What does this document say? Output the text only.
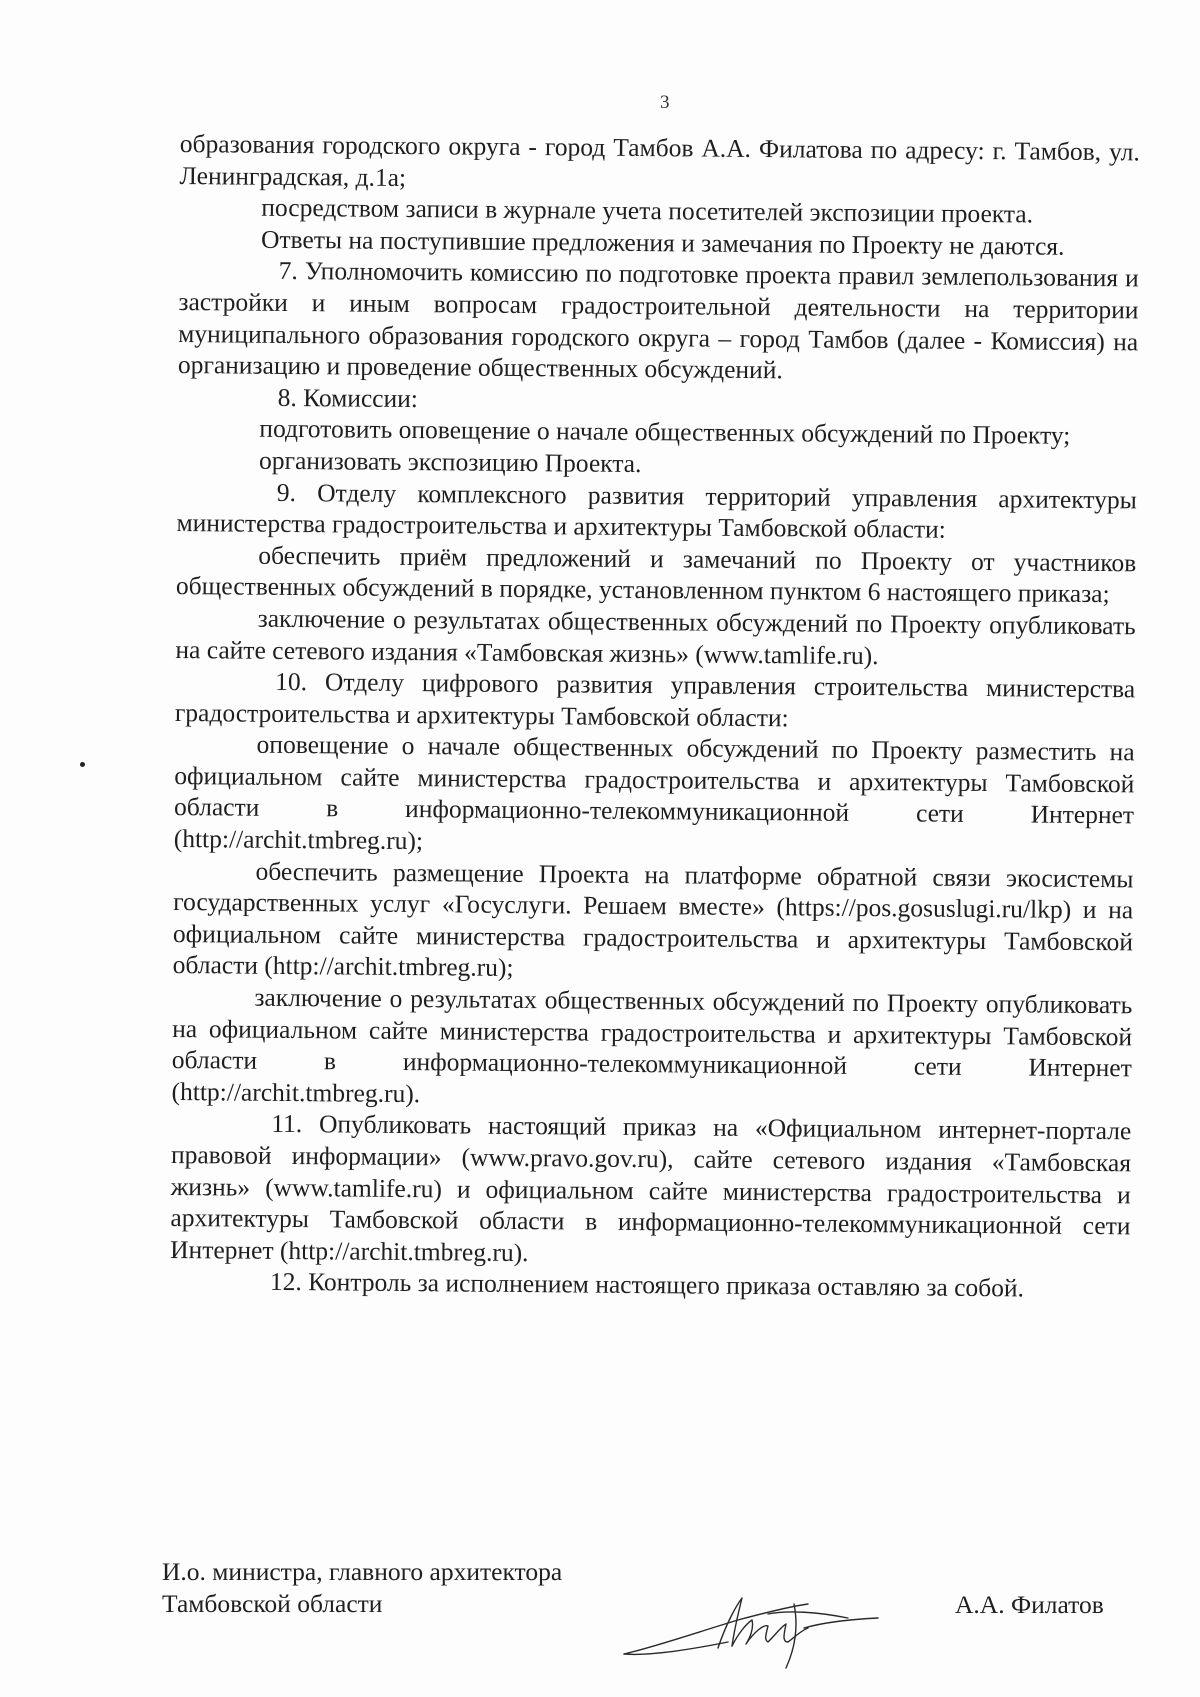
3

образования городского округа - город Тамбов А.А. Филатова по адресу: г. Тамбов, ул. Ленинградская, д.1а;

посредством записи в журнале учета посетителей экспозиции проекта.

Ответы на поступившие предложения и замечания по Проекту не даются.

7. Уполномочить комиссию по подготовке проекта правил землепользования и застройки и иным вопросам градостроительной деятельности на территории муниципального образования городского округа – город Тамбов (далее - Комиссия) на организацию и проведение общественных обсуждений.

8. Комиссии:

подготовить оповещение о начале общественных обсуждений по Проекту;

организовать экспозицию Проекта.

9. Отделу комплексного развития территорий управления архитектуры министерства градостроительства и архитектуры Тамбовской области:

обеспечить приём предложений и замечаний по Проекту от участников общественных обсуждений в порядке, установленном пунктом 6 настоящего приказа;

заключение о результатах общественных обсуждений по Проекту опубликовать на сайте сетевого издания «Тамбовская жизнь» (www.tamlife.ru).

10. Отделу цифрового развития управления строительства министерства градостроительства и архитектуры Тамбовской области:

оповещение о начале общественных обсуждений по Проекту разместить на официальном сайте министерства градостроительства и архитектуры Тамбовской области в информационно-телекоммуникационной сети Интернет (http://archit.tmbreg.ru);

обеспечить размещение Проекта на платформе обратной связи экосистемы государственных услуг «Госуслуги. Решаем вместе» (https://pos.gosuslugi.ru/lkp) и на официальном сайте министерства градостроительства и архитектуры Тамбовской области (http://archit.tmbreg.ru);

заключение о результатах общественных обсуждений по Проекту опубликовать на официальном сайте министерства градостроительства и архитектуры Тамбовской области в информационно-телекоммуникационной сети Интернет (http://archit.tmbreg.ru).

11. Опубликовать настоящий приказ на «Официальном интернет-портале правовой информации» (www.pravo.gov.ru), сайте сетевого издания «Тамбовская жизнь» (www.tamlife.ru) и официальном сайте министерства градостроительства и архитектуры Тамбовской области в информационно-телекоммуникационной сети Интернет (http://archit.tmbreg.ru).

12. Контроль за исполнением настоящего приказа оставляю за собой.

И.о. министра, главного архитектора
Тамбовской области	А.А. Филатов
